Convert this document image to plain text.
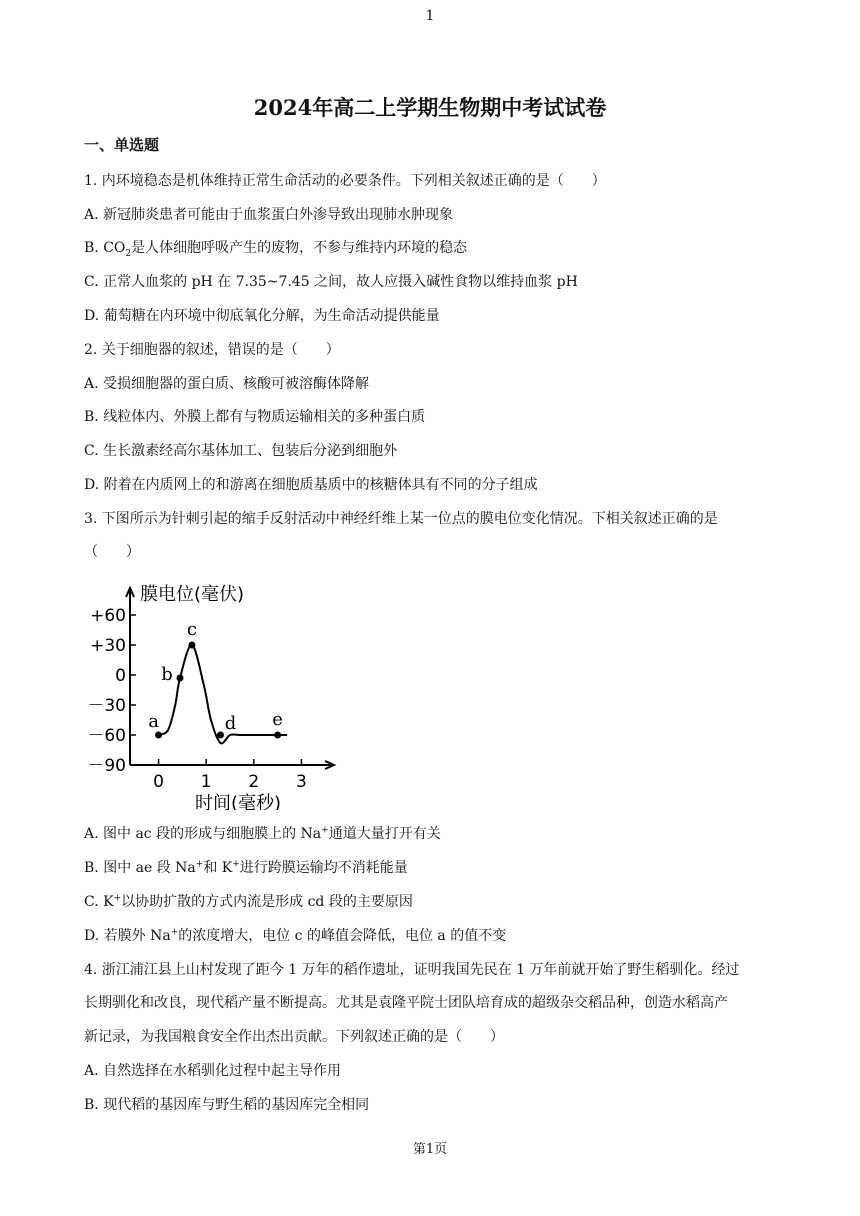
1
2024年高二上学期生物期中考试试卷
一、单选题
1. 内环境稳态是机体维持正常生命活动的必要条件。下列相关叙述正确的是（　　）
A. 新冠肺炎患者可能由于血浆蛋白外渗导致出现肺水肿现象
B. $CO_2$是人体细胞呼吸产生的废物，不参与维持内环境的稳态
C. 正常人血浆的 pH 在 7.35~7.45 之间，故人应摄入碱性食物以维持血浆 pH
D. 葡萄糖在内环境中彻底氧化分解，为生命活动提供能量
2. 关于细胞器的叙述，错误的是（　　）
A. 受损细胞器的蛋白质、核酸可被溶酶体降解
B. 线粒体内、外膜上都有与物质运输相关的多种蛋白质
C. 生长激素经高尔基体加工、包装后分泌到细胞外
D. 附着在内质网上的和游离在细胞质基质中的核糖体具有不同的分子组成
3. 下图所示为针刺引起的缩手反射活动中神经纤维上某一位点的膜电位变化情况。下相关叙述正确的是
（　　）
膜电位(毫伏)
时间(毫秒)
+60
+30
0
－30
－60
－90
0 1 2 3
a
b
c
d e
A. 图中 ac 段的形成与细胞膜上的 Na+通道大量打开有关
B. 图中 ae 段 Na+和 K+进行跨膜运输均不消耗能量
C. K+以协助扩散的方式内流是形成 cd 段的主要原因
D. 若膜外 Na+的浓度增大，电位 c 的峰值会降低，电位 a 的值不变
4. 浙江浦江县上山村发现了距今 1 万年的稻作遗址，证明我国先民在 1 万年前就开始了野生稻驯化。经过
长期驯化和改良，现代稻产量不断提高。尤其是袁隆平院士团队培育成的超级杂交稻品种，创造水稻高产
新记录，为我国粮食安全作出杰出贡献。下列叙述正确的是（　　）
A. 自然选择在水稻驯化过程中起主导作用
B. 现代稻的基因库与野生稻的基因库完全相同
第1页
